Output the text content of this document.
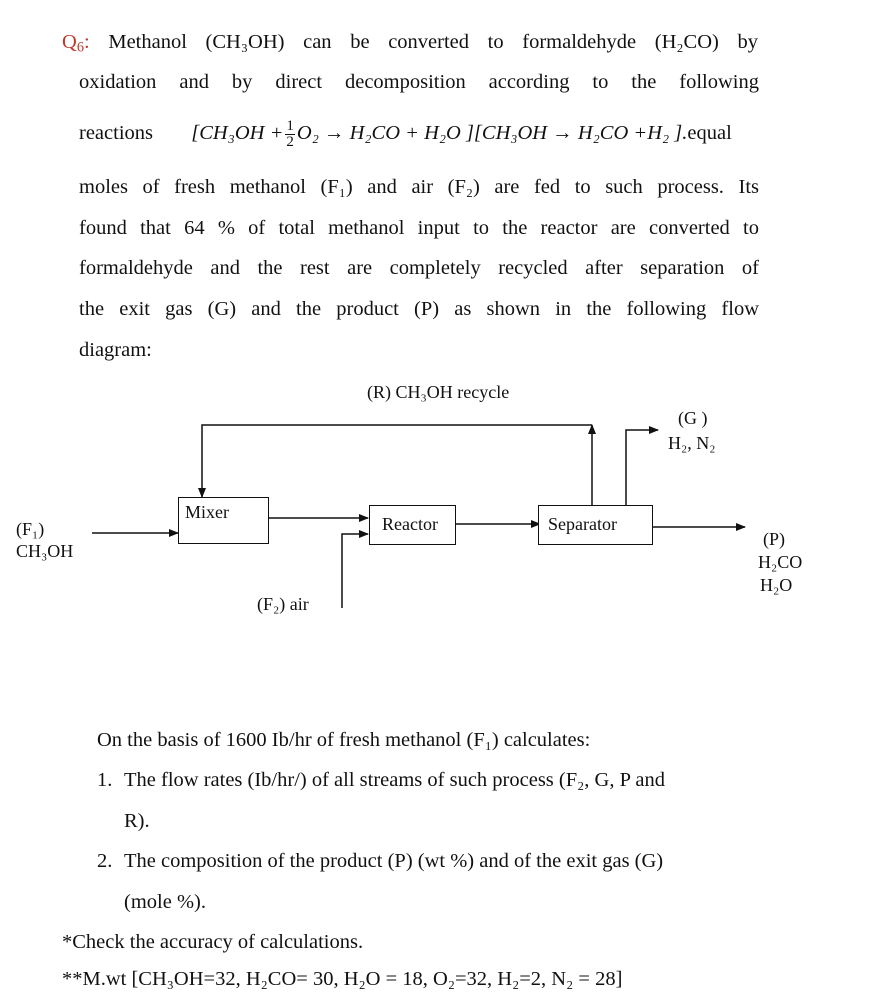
$Q_6$: Methanol (CH₃OH) can be converted to formaldehyde (H₂CO) by
oxidation and by direct decomposition according to the following
reactions [$CH_3OH + \frac{1}{2} O_2 \to H_2CO + H_2O$ ][CH₃OH → H₂CO +H₂ ].equal
moles of fresh methanol (F₁) and air (F₂) are fed to such process. Its
found that 64 % of total methanol input to the reactor are converted to
formaldehyde and the rest are completely recycled after separation of
the exit gas (G) and the product (P) as shown in the following flow
diagram:
(R) CH₃OH recycle
Mixer
Reactor	Separator
(F₁)
CH₃OH
(F₂) air
(G )
H₂, N₂
(P)
H₂CO
H₂O
On the basis of 1600 Ib/hr of fresh methanol (F₁) calculates:
1. The flow rates (Ib/hr/) of all streams of such process (F₂, G, P and
R).
2. The composition of the product (P) (wt %) and of the exit gas (G)
(mole %).
*Check the accuracy of calculations.
**M.wt [CH₃OH=32, H₂CO= 30, H₂O = 18, O₂=32, H₂=2, N₂ = 28]
